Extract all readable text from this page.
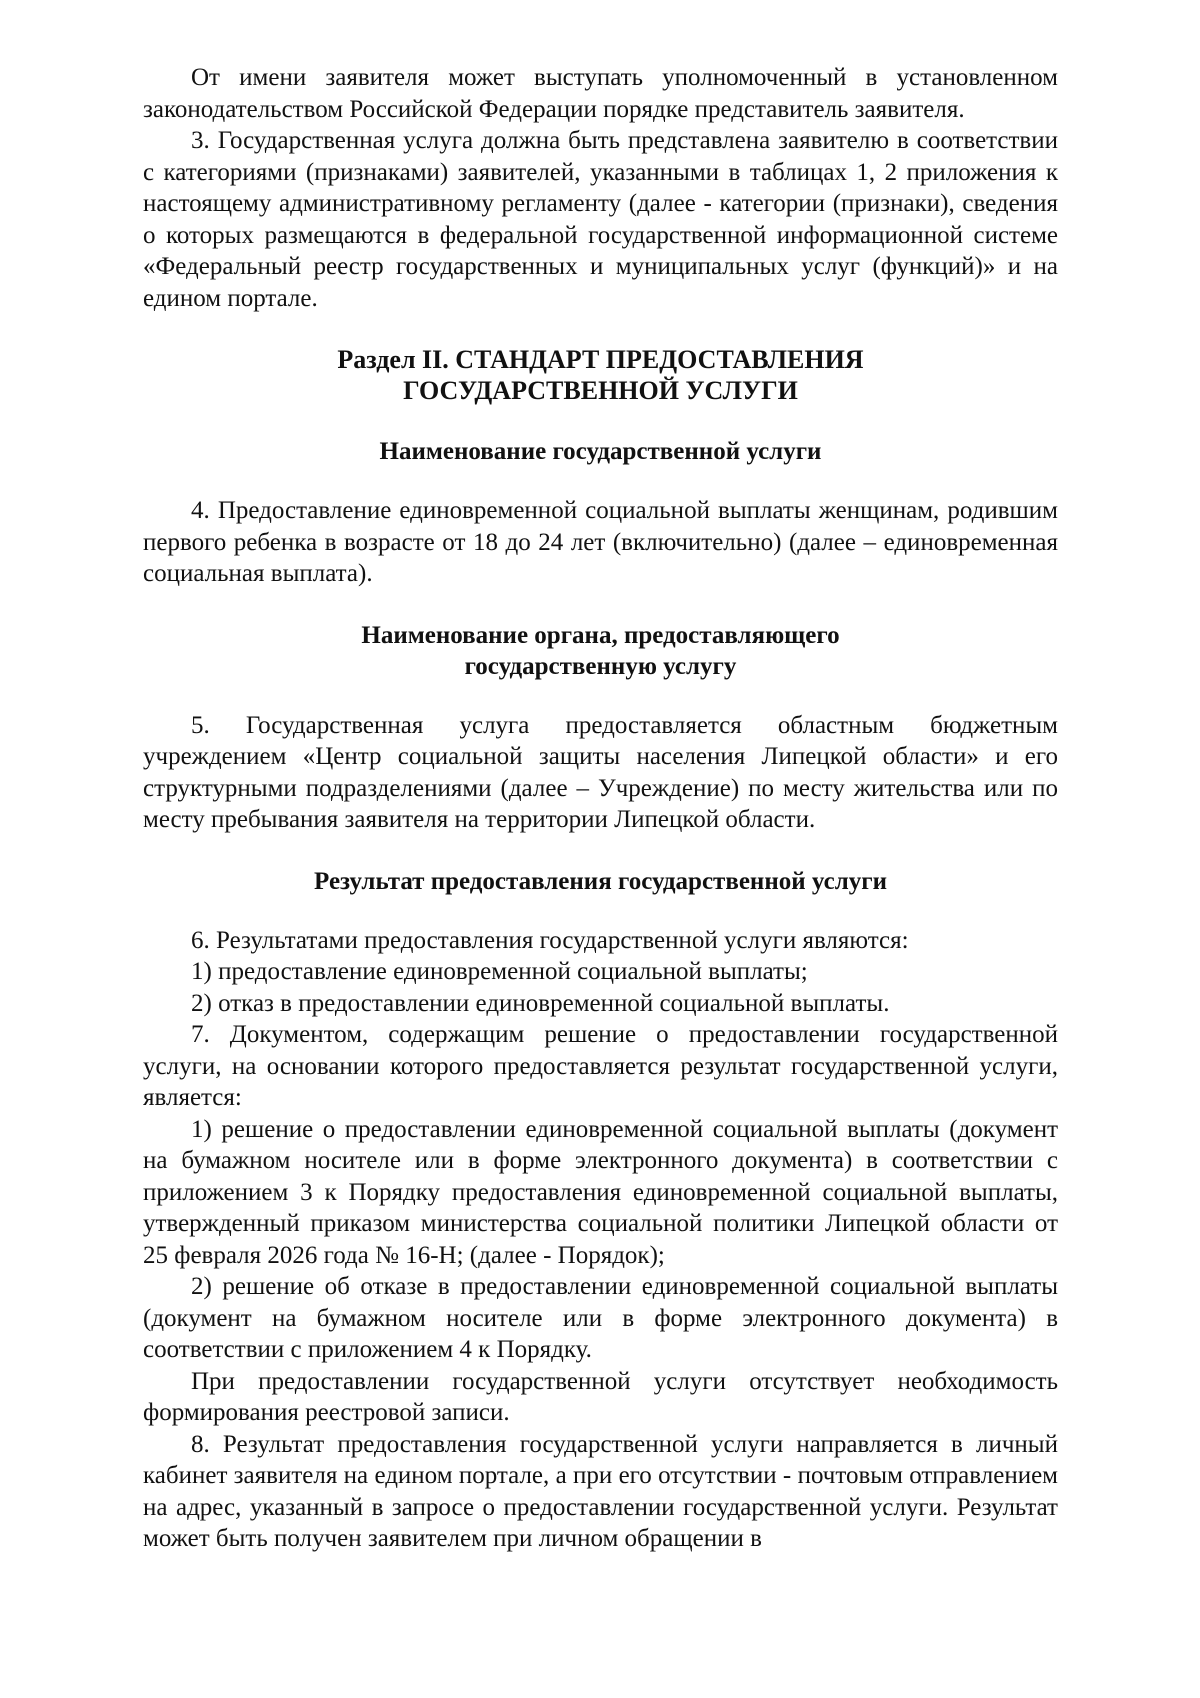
От имени заявителя может выступать уполномоченный в установленном законодательством Российской Федерации порядке представитель заявителя.

3. Государственная услуга должна быть представлена заявителю в соответствии с категориями (признаками) заявителей, указанными в таблицах 1, 2 приложения к настоящему административному регламенту (далее - категории (признаки), сведения о которых размещаются в федеральной государственной информационной системе «Федеральный реестр государственных и муниципальных услуг (функций)» и на едином портале.

Раздел II. СТАНДАРТ ПРЕДОСТАВЛЕНИЯ
ГОСУДАРСТВЕННОЙ УСЛУГИ
Наименование государственной услуги

4. Предоставление единовременной социальной выплаты женщинам, родившим первого ребенка в возрасте от 18 до 24 лет (включительно) (далее – единовременная социальная выплата).

Наименование органа, предоставляющего
государственную услугу

5. Государственная услуга предоставляется областным бюджетным учреждением «Центр социальной защиты населения Липецкой области» и его структурными подразделениями (далее – Учреждение) по месту жительства или по месту пребывания заявителя на территории Липецкой области.

Результат предоставления государственной услуги

6. Результатами предоставления государственной услуги являются:

1) предоставление единовременной социальной выплаты;

2) отказ в предоставлении единовременной социальной выплаты.

7. Документом, содержащим решение о предоставлении государственной услуги, на основании которого предоставляется результат государственной услуги, является:

1) решение о предоставлении единовременной социальной выплаты (документ на бумажном носителе или в форме электронного документа) в соответствии с приложением 3 к Порядку предоставления единовременной социальной выплаты, утвержденный приказом министерства социальной политики Липецкой области от 25 февраля 2026 года № 16-Н; (далее - Порядок);

2) решение об отказе в предоставлении единовременной социальной выплаты (документ на бумажном носителе или в форме электронного документа) в соответствии с приложением 4 к Порядку.

При предоставлении государственной услуги отсутствует необходимость формирования реестровой записи.

8. Результат предоставления государственной услуги направляется в личный кабинет заявителя на едином портале, а при его отсутствии - почтовым отправлением на адрес, указанный в запросе о предоставлении государственной услуги. Результат может быть получен заявителем при личном обращении в
